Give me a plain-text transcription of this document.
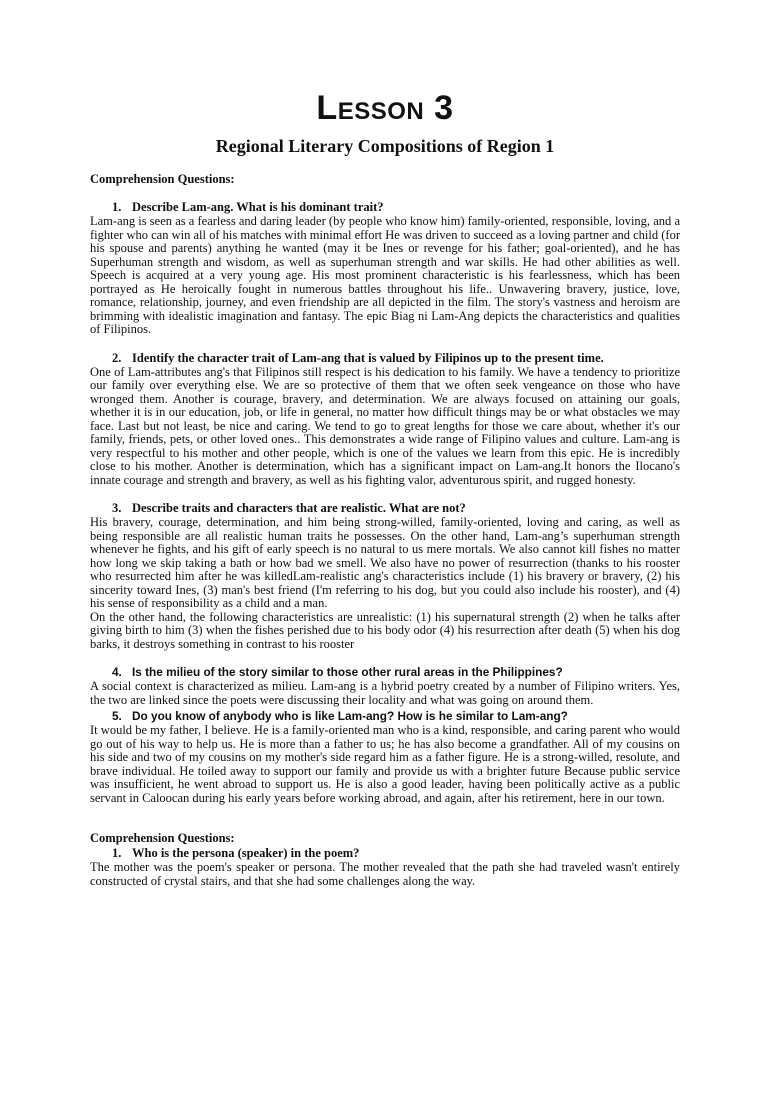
Lesson 3
Regional Literary Compositions of Region 1

Comprehension Questions:

1. Describe Lam-ang. What is his dominant trait?

Lam-ang is seen as a fearless and daring leader (by people who know him) family-oriented, responsible, loving, and a fighter who can win all of his matches with minimal effort He was driven to succeed as a loving partner and child (for his spouse and parents) anything he wanted (may it be Ines or revenge for his father; goal-oriented), and he has Superhuman strength and wisdom, as well as superhuman strength and war skills. He had other abilities as well. Speech is acquired at a very young age. His most prominent characteristic is his fearlessness, which has been portrayed as He heroically fought in numerous battles throughout his life.. Unwavering bravery, justice, love, romance, relationship, journey, and even friendship are all depicted in the film. The story's vastness and heroism are brimming with idealistic imagination and fantasy. The epic Biag ni Lam-Ang depicts the characteristics and qualities of Filipinos.

2. Identify the character trait of Lam-ang that is valued by Filipinos up to the present time.

One of Lam-attributes ang's that Filipinos still respect is his dedication to his family. We have a tendency to prioritize our family over everything else. We are so protective of them that we often seek vengeance on those who have wronged them. Another is courage, bravery, and determination. We are always focused on attaining our goals, whether it is in our education, job, or life in general, no matter how difficult things may be or what obstacles we may face. Last but not least, be nice and caring. We tend to go to great lengths for those we care about, whether it's our family, friends, pets, or other loved ones.. This demonstrates a wide range of Filipino values and culture. Lam-ang is very respectful to his mother and other people, which is one of the values we learn from this epic. He is incredibly close to his mother. Another is determination, which has a significant impact on Lam-ang.It honors the Ilocano's innate courage and strength and bravery, as well as his fighting valor, adventurous spirit, and rugged honesty.

3. Describe traits and characters that are realistic. What are not?

His bravery, courage, determination, and him being strong-willed, family-oriented, loving and caring, as well as being responsible are all realistic human traits he possesses. On the other hand, Lam-ang’s superhuman strength whenever he fights, and his gift of early speech is no natural to us mere mortals. We also cannot kill fishes no matter how long we skip taking a bath or how bad we smell. We also have no power of resurrection (thanks to his rooster who resurrected him after he was killedLam-realistic ang's characteristics include (1) his bravery or bravery, (2) his sincerity toward Ines, (3) man's best friend (I'm referring to his dog, but you could also include his rooster), and (4) his sense of responsibility as a child and a man.

On the other hand, the following characteristics are unrealistic: (1) his supernatural strength (2) when he talks after giving birth to him (3) when the fishes perished due to his body odor (4) his resurrection after death (5) when his dog barks, it destroys something in contrast to his rooster

4. Is the milieu of the story similar to those other rural areas in the Philippines?

A social context is characterized as milieu. Lam-ang is a hybrid poetry created by a number of Filipino writers. Yes, the two are linked since the poets were discussing their locality and what was going on around them.

5. Do you know of anybody who is like Lam-ang? How is he similar to Lam-ang?

It would be my father, I believe. He is a family-oriented man who is a kind, responsible, and caring parent who would go out of his way to help us. He is more than a father to us; he has also become a grandfather. All of my cousins on his side and two of my cousins on my mother's side regard him as a father figure. He is a strong-willed, resolute, and brave individual. He toiled away to support our family and provide us with a brighter future Because public service was insufficient, he went abroad to support us. He is also a good leader, having been politically active as a public servant in Caloocan during his early years before working abroad, and again, after his retirement, here in our town.

Comprehension Questions:

1. Who is the persona (speaker) in the poem?

The mother was the poem's speaker or persona. The mother revealed that the path she had traveled wasn't entirely constructed of crystal stairs, and that she had some challenges along the way.
